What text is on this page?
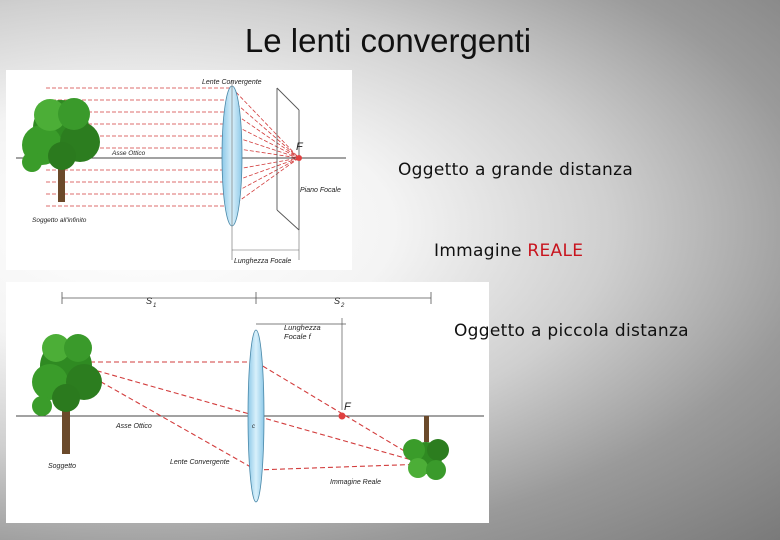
Le lenti convergenti
Lente Convergente
F
Asse Ottico
Piano Focale
Soggetto all'infinito
Lunghezza Focale
S 1	S 2
Lunghezza
Focale f
F
c
Asse Ottico
Soggetto
Lente Convergente
Immagine Reale
Oggetto a grande distanza
Immagine REALE
Oggetto a piccola distanza
